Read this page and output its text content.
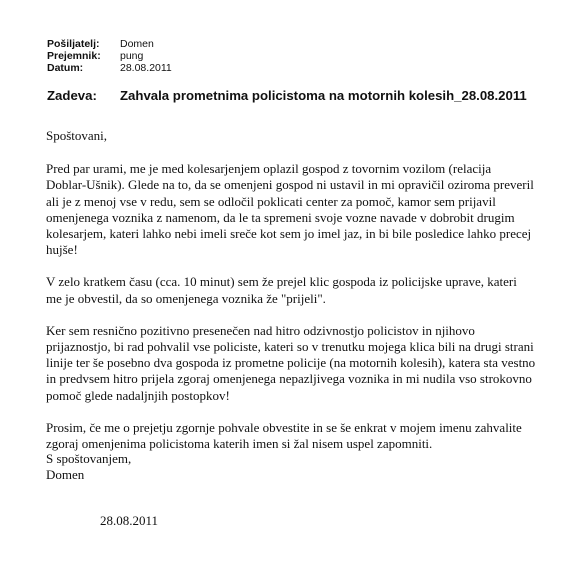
Pošiljatelj:	Domen
Prejemnik:	pung
Datum:	28.08.2011
Zadeva:	Zahvala prometnima policistoma na motornih kolesih_28.08.2011

Spoštovani,

Pred par urami, me je med kolesarjenjem oplazil gospod z tovornim vozilom (relacija
Doblar-Ušnik). Glede na to, da se omenjeni gospod ni ustavil in mi opravičil oziroma preveril
ali je z menoj vse v redu, sem se odločil poklicati center za pomoč, kamor sem prijavil
omenjenega voznika z namenom, da le ta spremeni svoje vozne navade v dobrobit drugim
kolesarjem, kateri lahko nebi imeli sreče kot sem jo imel jaz, in bi bile posledice lahko precej
hujše!

V zelo kratkem času (cca. 10 minut) sem že prejel klic gospoda iz policijske uprave, kateri
me je obvestil, da so omenjenega voznika že "prijeli".

Ker sem resnično pozitivno presenečen nad hitro odzivnostjo policistov in njihovo
prijaznostjo, bi rad pohvalil vse policiste, kateri so v trenutku mojega klica bili na drugi strani
linije ter še posebno dva gospoda iz prometne policije (na motornih kolesih), katera sta vestno
in predvsem hitro prijela zgoraj omenjenega nepazljivega voznika in mi nudila vso strokovno
pomoč glede nadaljnjih postopkov!

Prosim, če me o prejetju zgornje pohvale obvestite in se še enkrat v mojem imenu zahvalite
zgoraj omenjenima policistoma katerih imen si žal nisem uspel zapomniti.

S spoštovanjem,
Domen
28.08.2011
